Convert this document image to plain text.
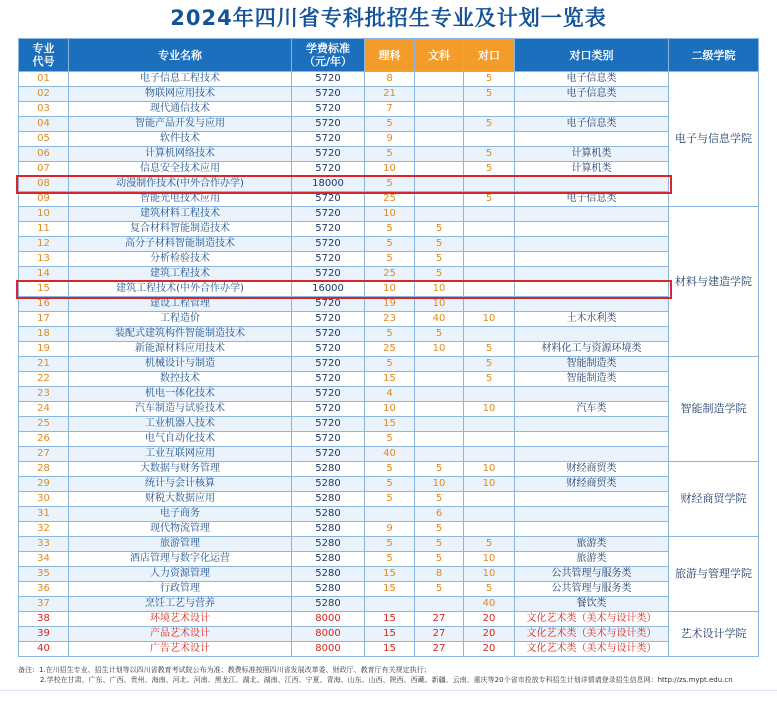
2024年四川省专科批招生专业及计划一览表
专业
代号	专业名称	学费标准
（元/年）	理科	文科	对口	对口类别	二级学院
01	电子信息工程技术	5720	8		5	电子信息类	电子与信息学院
02	物联网应用技术	5720	21		5	电子信息类	
03	现代通信技术	5720	7				
04	智能产品开发与应用	5720	5		5	电子信息类	
05	软件技术	5720	9				
06	计算机网络技术	5720	5		5	计算机类	
07	信息安全技术应用	5720	10		5	计算机类	
08	动漫制作技术(中外合作办学)	18000	5				
09	智能光电技术应用	5720	25		5	电子信息类	
10	建筑材料工程技术	5720	10				材料与建造学院
11	复合材料智能制造技术	5720	5	5			
12	高分子材料智能制造技术	5720	5	5			
13	分析检验技术	5720	5	5			
14	建筑工程技术	5720	25	5			
15	建筑工程技术(中外合作办学)	16000	10	10			
16	建设工程管理	5720	19	10			
17	工程造价	5720	23	40	10	土木水利类	
18	装配式建筑构件智能制造技术	5720	5	5			
19	新能源材料应用技术	5720	25	10	5	材料化工与资源环境类	
21	机械设计与制造	5720	5		5	智能制造类	智能制造学院
22	数控技术	5720	15		5	智能制造类	
23	机电一体化技术	5720	4				
24	汽车制造与试验技术	5720	10		10	汽车类	
25	工业机器人技术	5720	15				
26	电气自动化技术	5720	5				
27	工业互联网应用	5720	40				
28	大数据与财务管理	5280	5	5	10	财经商贸类	财经商贸学院
29	统计与会计核算	5280	5	10	10	财经商贸类	
30	财税大数据应用	5280	5	5			
31	电子商务	5280		6			
32	现代物流管理	5280	9	5			
33	旅游管理	5280	5	5	5	旅游类	旅游与管理学院
34	酒店管理与数字化运营	5280	5	5	10	旅游类	
35	人力资源管理	5280	15	8	10	公共管理与服务类	
36	行政管理	5280	15	5	5	公共管理与服务类	
37	烹饪工艺与营养	5280			40	餐饮类	
38	环境艺术设计	8000	15	27	20	文化艺术类（美术与设计类）	艺术设计学院
39	产品艺术设计	8000	15	27	20	文化艺术类（美术与设计类）	
40	广告艺术设计	8000	15	27	20	文化艺术类（美术与设计类）	
备注：1.在川招生专业、招生计划等以四川省教育考试院公布为准；教费标准按照四川省发展改革委、财政厅、教育厅有关规定执行；
2.学校在甘肃、广东、广西、贵州、海南、河北、河南、黑龙江、湖北、湖南、江西、宁夏、青海、山东、山西、陕西、西藏、新疆、云南、重庆等20个省市投放专科招生计划详情请登录招生信息网：http://zs.mypt.edu.cn
